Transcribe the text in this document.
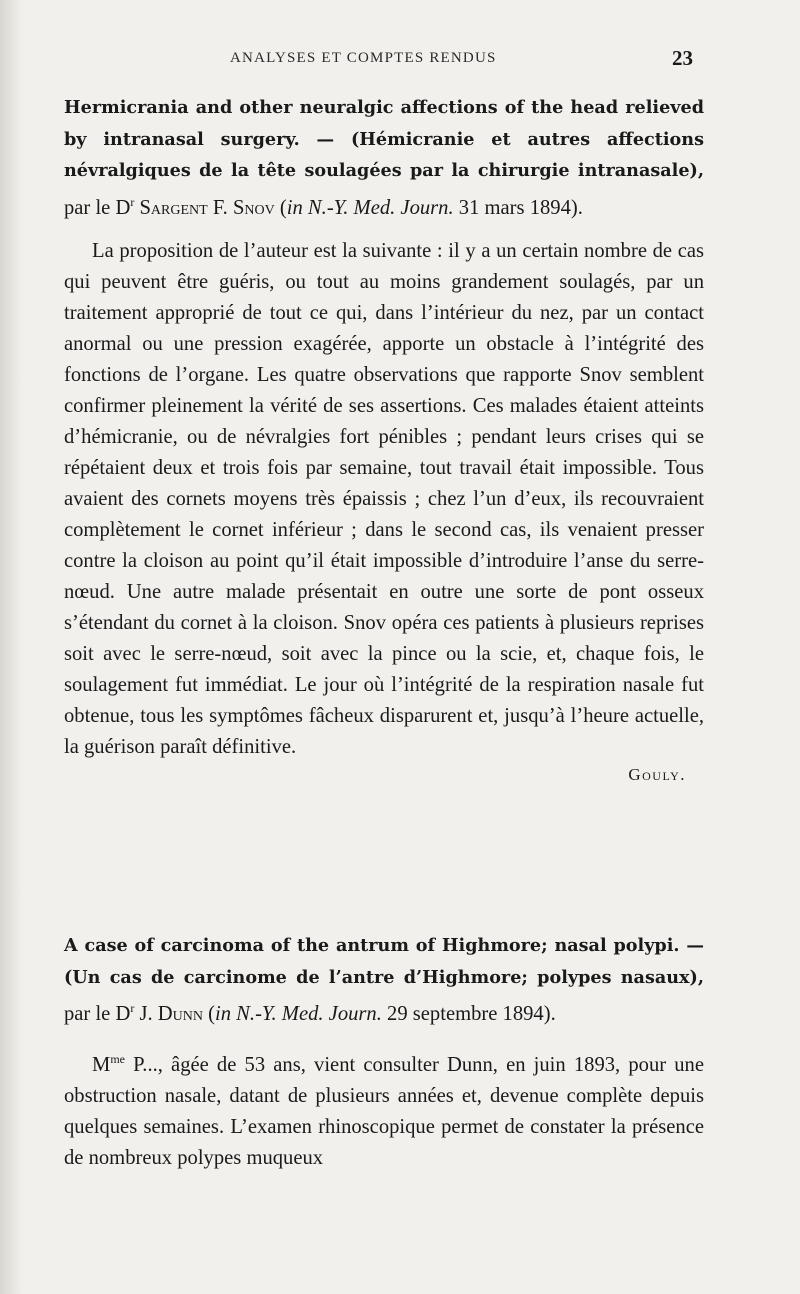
ANALYSES ET COMPTES RENDUS	23

Hermicrania and other neuralgic affections of the head relieved by intranasal surgery. — (Hémicranie et autres affections névralgiques de la tête soulagées par la chirurgie intranasale), par le $D^r$ Sargent F. Snov (in N.-Y. Med. Journ. 31 mars 1894).

La proposition de l’auteur est la suivante : il y a un certain nombre de cas qui peuvent être guéris, ou tout au moins grandement soulagés, par un traitement approprié de tout ce qui, dans l’intérieur du nez, par un contact anormal ou une pression exagérée, apporte un obstacle à l’intégrité des fonctions de l’organe. Les quatre observations que rapporte Snov semblent confirmer pleinement la vérité de ses assertions. Ces malades étaient atteints d’hémicranie, ou de névralgies fort pénibles ; pendant leurs crises qui se répétaient deux et trois fois par semaine, tout travail était impossible. Tous avaient des cornets moyens très épaissis ; chez l’un d’eux, ils recouvraient complètement le cornet inférieur ; dans le second cas, ils venaient presser contre la cloison au point qu’il était impossible d’introduire l’anse du serre-nœud. Une autre malade présentait en outre une sorte de pont osseux s’étendant du cornet à la cloison. Snov opéra ces patients à plusieurs reprises soit avec le serre-nœud, soit avec la pince ou la scie, et, chaque fois, le soulagement fut immédiat. Le jour où l’intégrité de la respiration nasale fut obtenue, tous les symptômes fâcheux disparurent et, jusqu’à l’heure actuelle, la guérison paraît définitive.

Gouly.

A case of carcinoma of the antrum of Highmore; nasal polypi. — (Un cas de carcinome de l’antre d’Highmore; polypes nasaux), par le $D^r$ J. Dunn (in N.-Y. Med. Journ. 29 septembre 1894).

$M^{me}$ P..., âgée de 53 ans, vient consulter Dunn, en juin 1893, pour une obstruction nasale, datant de plusieurs années et, devenue complète depuis quelques semaines. L’examen rhinoscopique permet de constater la présence de nombreux polypes muqueux
